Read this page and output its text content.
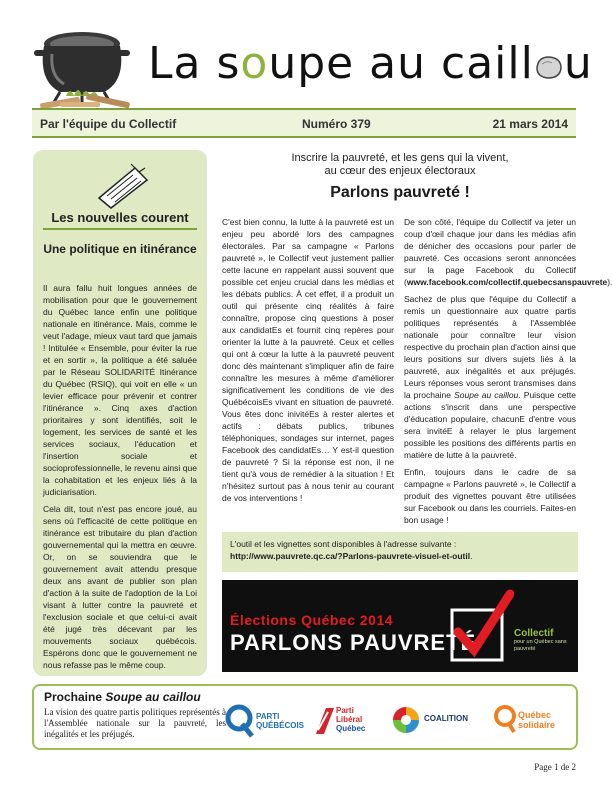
La soupe au caill u
Par l'équipe du Collectif	Numéro 379	21 mars 2014
Les nouvelles courent
Une politique en itinérance

Il aura fallu huit longues années de mobilisation pour que le gouvernement du Québec lance enfin une politique nationale en itinérance. Mais, comme le veut l'adage, mieux vaut tard que jamais ! Intitulée « Ensemble, pour éviter la rue et en sortir », la politique a été saluée par le Réseau SOLIDARITÉ Itinérance du Québec (RSIQ), qui voit en elle « un levier efficace pour prévenir et contrer l'itinérance ». Cinq axes d'action prioritaires y sont identifiés, soit le logement, les services de santé et les services sociaux, l'éducation et l'insertion sociale et socioprofessionnelle, le revenu ainsi que la cohabitation et les enjeux liés à la judiciarisation.

Cela dit, tout n'est pas encore joué, au sens où l'efficacité de cette politique en itinérance est tributaire du plan d'action gouvernemental qui la mettra en œuvre. Or, on se souviendra que le gouvernement avait attendu presque deux ans avant de publier son plan d'action à la suite de l'adoption de la Loi visant à lutter contre la pauvreté et l'exclusion sociale et que celui-ci avait été jugé très décevant par les mouvements sociaux québécois. Espérons donc que le gouvernement ne nous refasse pas le même coup.

Inscrire la pauvreté, et les gens qui la vivent,
au cœur des enjeux électoraux
Parlons pauvreté !

C'est bien connu, la lutte à la pauvreté est un enjeu peu abordé lors des campagnes électorales. Par sa campagne « Parlons pauvreté », le Collectif veut justement pallier cette lacune en rappelant aussi souvent que possible cet enjeu crucial dans les médias et les débats publics. À cet effet, il a produit un outil qui présente cinq réalités à faire connaître, propose cinq questions à poser aux candidatEs et fournit cinq repères pour orienter la lutte à la pauvreté. Ceux et celles qui ont à cœur la lutte à la pauvreté peuvent donc dès maintenant s'impliquer afin de faire connaître les mesures à même d'améliorer significativement les conditions de vie des QuébécoisEs vivant en situation de pauvreté. Vous êtes donc inivitéEs à rester alertes et actifs : débats publics, tribunes téléphoniques, sondages sur internet, pages Facebook des candidatEs… Y est-il question de pauvreté ? Si la réponse est non, il ne tient qu'à vous de remédier à la situation ! Et n'hésitez surtout pas à nous tenir au courant de vos interventions !

De son côté, l'équipe du Collectif va jeter un coup d'œil chaque jour dans les médias afin de dénicher des occasions pour parler de pauvreté. Ces occasions seront annoncées sur la page Facebook du Collectif (www.facebook.com/collectif.quebecsanspauvrete).

Sachez de plus que l'équipe du Collectif a remis un questionnaire aux quatre partis politiques représentés à l'Assemblée nationale pour connaître leur vision respective du prochain plan d'action ainsi que leurs positions sur divers sujets liés à la pauvreté, aux inégalités et aux préjugés. Leurs réponses vous seront transmises dans la prochaine Soupe au caillou. Puisque cette actions s'inscrit dans une perspective d'éducation populaire, chacunE d'entre vous sera invitéE à relayer le plus largement possible les positions des différents partis en matière de lutte à la pauvreté.

Enfin, toujours dans le cadre de sa campagne « Parlons pauvreté », le Collectif a produit des vignettes pouvant être utilisées sur Facebook ou dans les courriels. Faites-en bon usage !

L'outil et les vignettes sont disponibles à l'adresse suivante : http://www.pauvrete.qc.ca/?Parlons-pauvrete-visuel-et-outil.
Élections Québec 2014
PARLONS PAUVRETÉ	Collectif
pour un Québec sans pauvreté
Prochaine Soupe au caillou
La vision des quatre partis politiques représentés à l'Assemblée nationale sur la pauvreté, les inégalités et les préjugés.
PARTI
QUÉBÉCOIS
Parti
Libéral
Québec
COALITION	Québec
solidaire
Page 1 de 2
